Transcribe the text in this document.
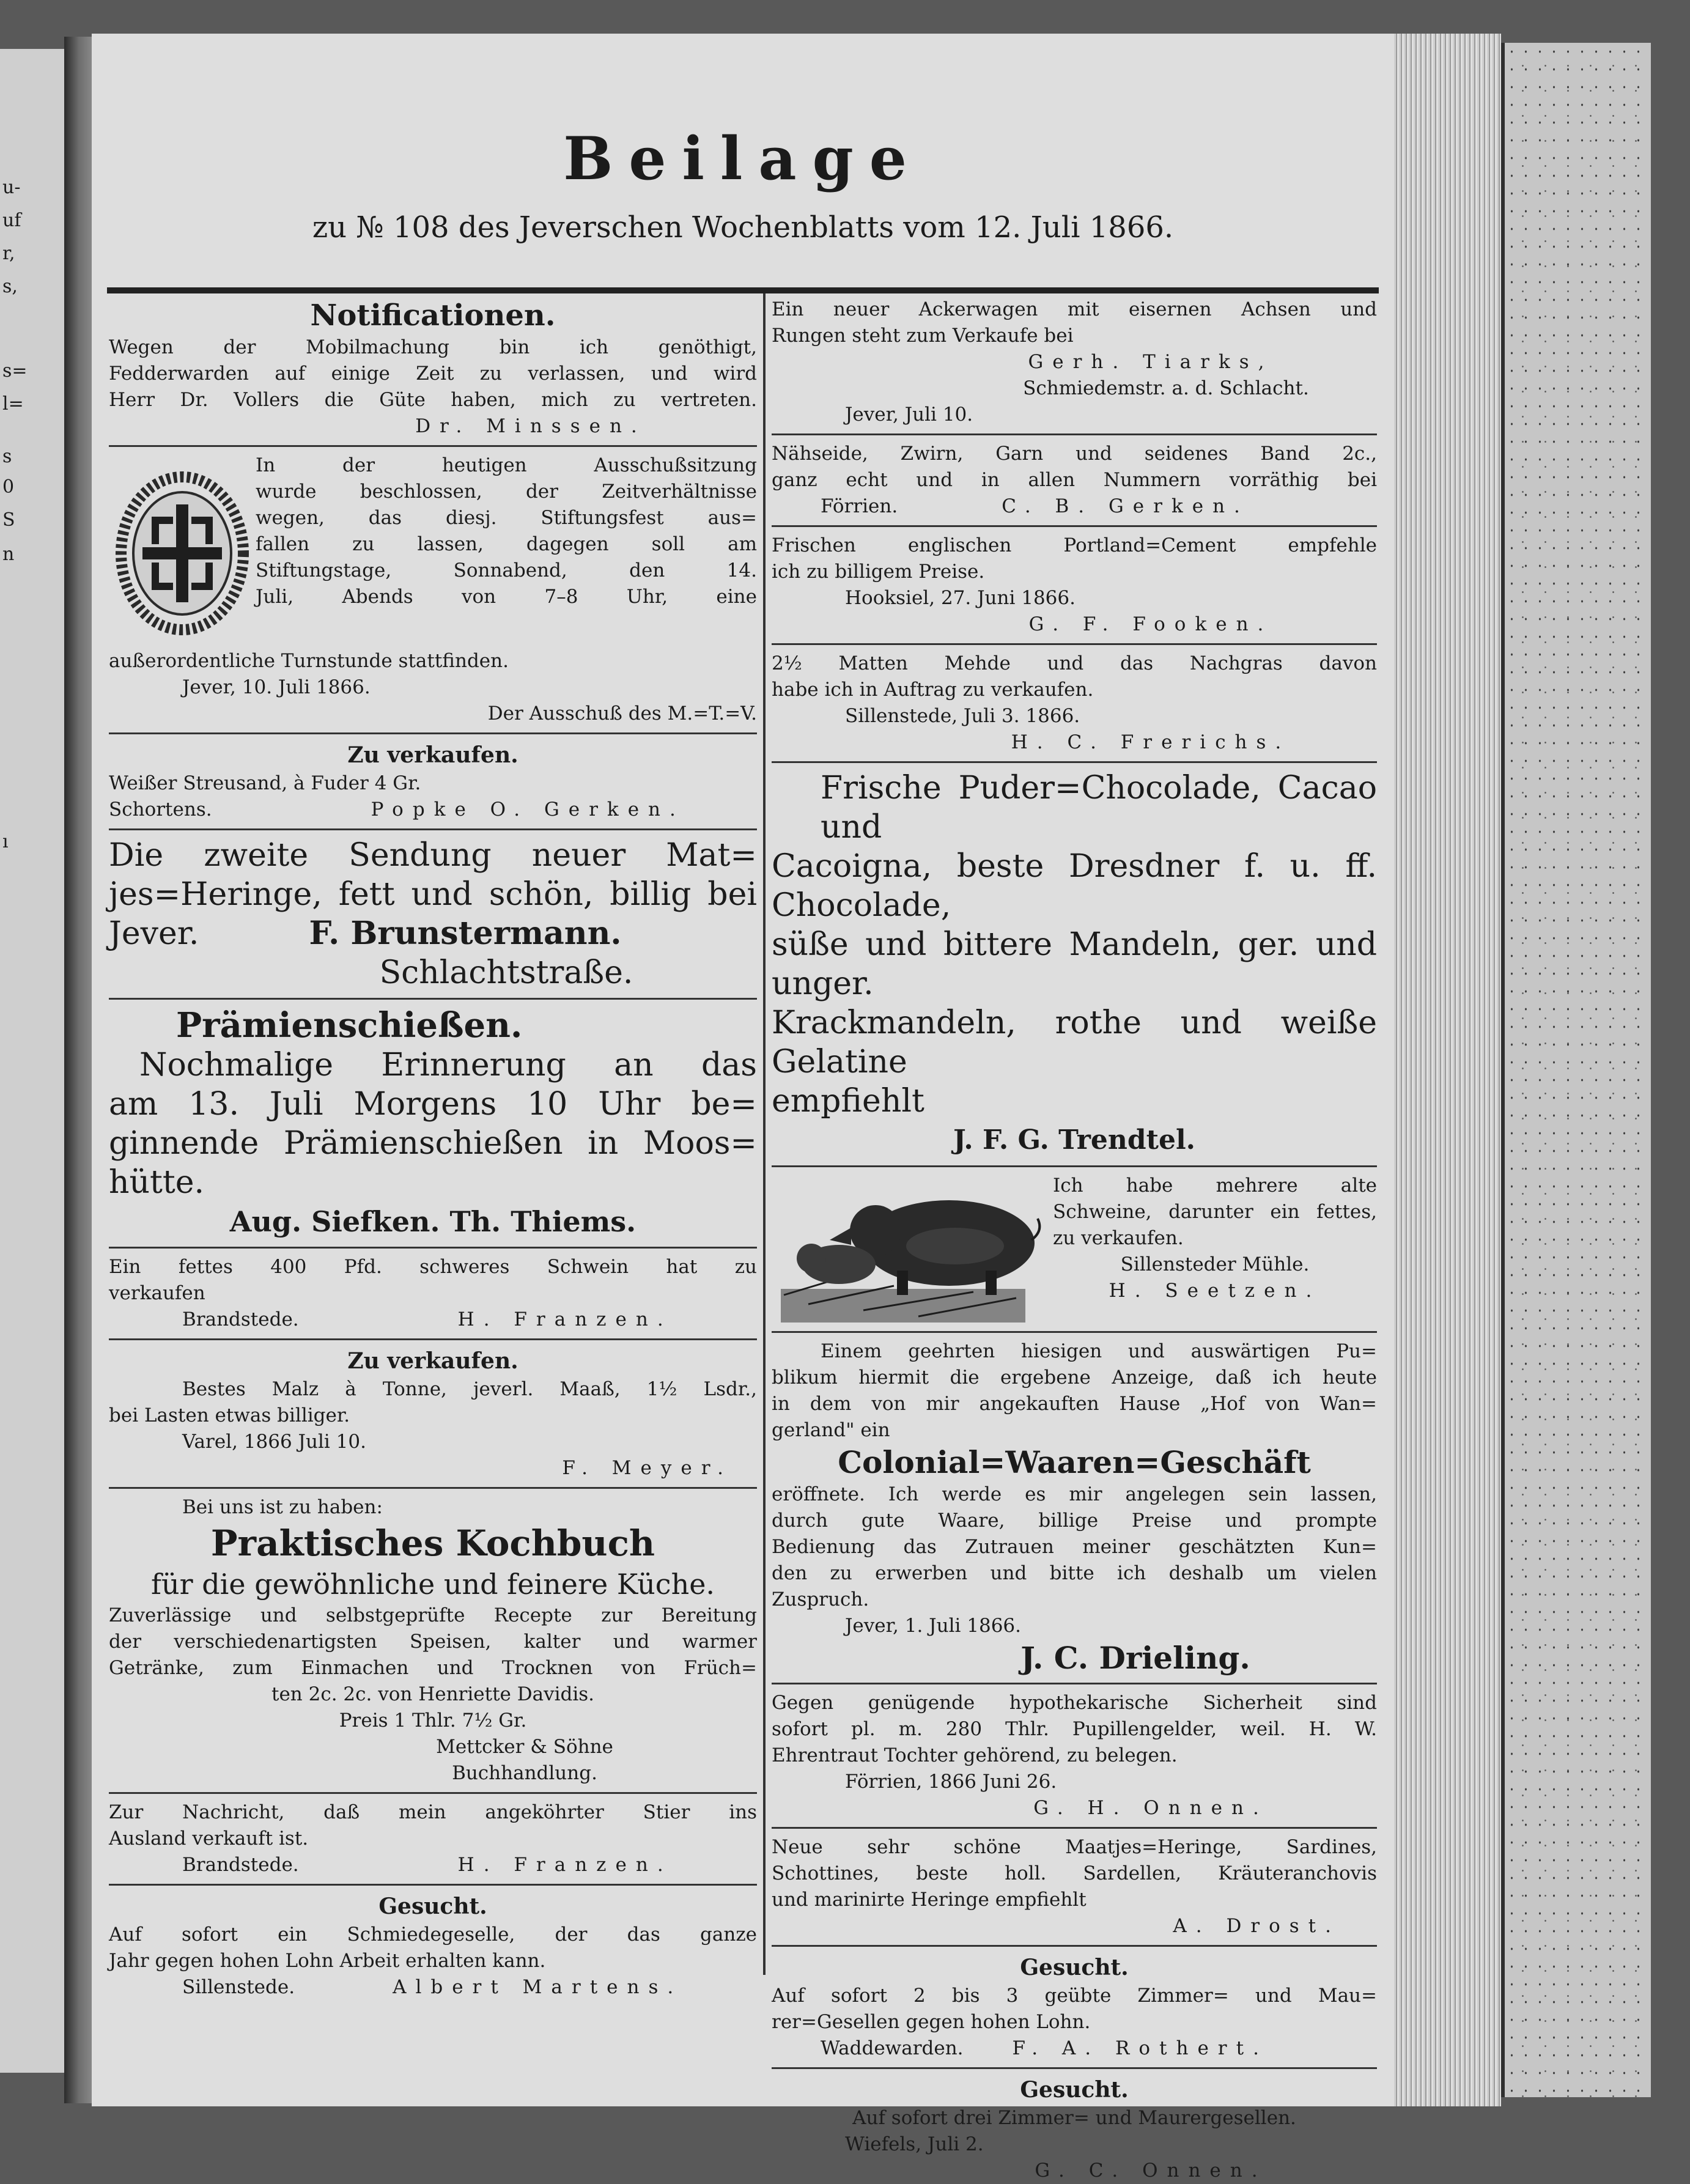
u-
uf
r,
s,
s=
l=
s
0
S
n
ı
Beilage
zu № 108 des Jeverschen Wochenblatts vom 12. Juli 1866.
Notificationen.

Wegen der Mobilmachung bin ich genöthigt,

Fedderwarden auf einige Zeit zu verlassen, und wird

Herr Dr. Vollers die Güte haben, mich zu vertreten.

Dr. Minssen.

In der heutigen Ausschußsitzung

wurde beschlossen, der Zeitverhältnisse

wegen, das diesj. Stiftungsfest aus=

fallen zu lassen, dagegen soll am

Stiftungstage, Sonnabend, den 14.

Juli, Abends von 7–8 Uhr, eine

außerordentliche Turnstunde stattfinden.

Jever, 10. Juli 1866.

Der Ausschuß des M.=T.=V.

Zu verkaufen.

Weißer Streusand, à Fuder 4 Gr.

Schortens.	Popke O. Gerken.

Die zweite Sendung neuer Mat=

jes=Heringe, fett und schön, billig bei

Jever.	F. Brunstermann.

Schlachtstraße.

Prämienschießen.

Nochmalige Erinnerung an das

am 13. Juli Morgens 10 Uhr be=

ginnende Prämienschießen in Moos=

hütte.

Aug. Siefken. Th. Thiems.

Ein fettes 400 Pfd. schweres Schwein hat zu

verkaufen

Brandstede.	H. Franzen.

Zu verkaufen.

Bestes Malz à Tonne, jeverl. Maaß, 1½ Lsdr.,

bei Lasten etwas billiger.

Varel, 1866 Juli 10.

F. Meyer.

Bei uns ist zu haben:

Praktisches Kochbuch

für die gewöhnliche und feinere Küche.

Zuverlässige und selbstgeprüfte Recepte zur Bereitung

der verschiedenartigsten Speisen, kalter und warmer

Getränke, zum Einmachen und Trocknen von Früch=

ten 2c. 2c. von Henriette Davidis.

Preis 1 Thlr. 7½ Gr.

Mettcker & Söhne

Buchhandlung.

Zur Nachricht, daß mein angeköhrter Stier ins

Ausland verkauft ist.

Brandstede.	H. Franzen.

Gesucht.

Auf sofort ein Schmiedegeselle, der das ganze

Jahr gegen hohen Lohn Arbeit erhalten kann.

Sillenstede.	Albert Martens.

Ein neuer Ackerwagen mit eisernen Achsen und

Rungen steht zum Verkaufe bei

Gerh. Tiarks,

Schmiedemstr. a. d. Schlacht.

Jever, Juli 10.

Nähseide, Zwirn, Garn und seidenes Band 2c.,

ganz echt und in allen Nummern vorräthig bei

Förrien.	C. B. Gerken.

Frischen englischen Portland=Cement empfehle

ich zu billigem Preise.

Hooksiel, 27. Juni 1866.

G. F. Fooken.

2½ Matten Mehde und das Nachgras davon

habe ich in Auftrag zu verkaufen.

Sillenstede, Juli 3. 1866.

H. C. Frerichs.

Frische Puder=Chocolade, Cacao und

Cacoigna, beste Dresdner f. u. ff. Chocolade,

süße und bittere Mandeln, ger. und unger.

Krackmandeln, rothe und weiße Gelatine

empfiehlt

J. F. G. Trendtel.

Ich habe mehrere alte

Schweine, darunter ein fettes,

zu verkaufen.

Sillensteder Mühle.

H. Seetzen.

Einem geehrten hiesigen und auswärtigen Pu=

blikum hiermit die ergebene Anzeige, daß ich heute

in dem von mir angekauften Hause „Hof von Wan=

gerland" ein

Colonial=Waaren=Geschäft

eröffnete. Ich werde es mir angelegen sein lassen,

durch gute Waare, billige Preise und prompte

Bedienung das Zutrauen meiner geschätzten Kun=

den zu erwerben und bitte ich deshalb um vielen

Zuspruch.

Jever, 1. Juli 1866.

J. C. Drieling.

Gegen genügende hypothekarische Sicherheit sind

sofort pl. m. 280 Thlr. Pupillengelder, weil. H. W.

Ehrentraut Tochter gehörend, zu belegen.

Förrien, 1866 Juni 26.

G. H. Onnen.

Neue sehr schöne Maatjes=Heringe, Sardines,

Schottines, beste holl. Sardellen, Kräuteranchovis

und marinirte Heringe empfiehlt

A. Drost.

Gesucht.

Auf sofort 2 bis 3 geübte Zimmer= und Mau=

rer=Gesellen gegen hohen Lohn.

Waddewarden.	F. A. Rothert.

Gesucht.

Auf sofort drei Zimmer= und Maurergesellen.

Wiefels, Juli 2.

G. C. Onnen.
